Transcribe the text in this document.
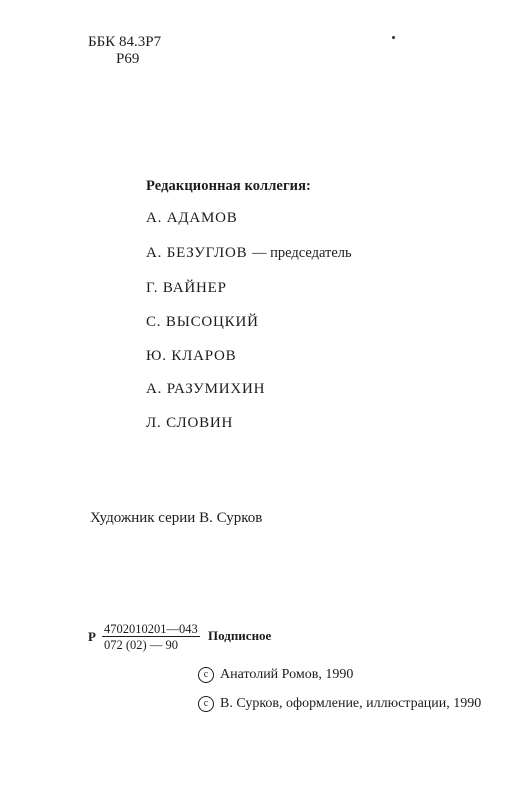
ББК 84.3Р7
Р69
Редакционная коллегия:
А. АДАМОВ
А. БЕЗУГЛОВ — председатель
Г. ВАЙНЕР
С. ВЫСОЦКИЙ
Ю. КЛАРОВ
А. РАЗУМИХИН
Л. СЛОВИН
Художник серии В. Сурков
Р $\frac{4702010201—043}{072 (02) — 90}$ Подписное
c Анатолий Ромов, 1990
c В. Сурков, оформление, иллюстрации, 1990
